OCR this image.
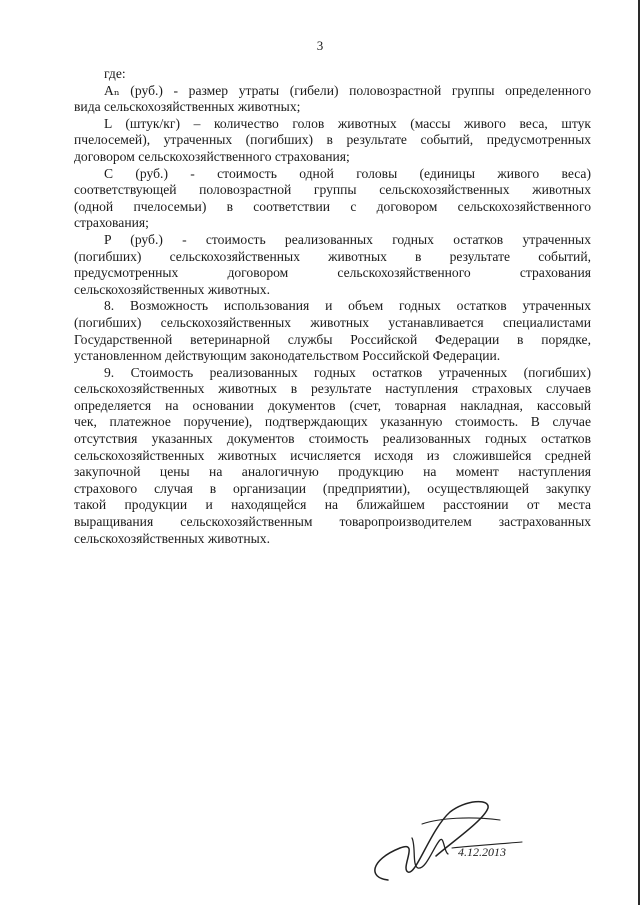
3
где:
Aₙ (руб.) - размер утраты (гибели) половозрастной группы определенного
вида сельскохозяйственных животных;
L (штук/кг) – количество голов животных (массы живого веса, штук
пчелосемей), утраченных (погибших) в результате событий, предусмотренных
договором сельскохозяйственного страхования;
C (руб.) - стоимость одной головы (единицы живого веса)
соответствующей половозрастной группы сельскохозяйственных животных
(одной пчелосемьи) в соответствии с договором сельскохозяйственного
страхования;
P (руб.) - стоимость реализованных годных остатков утраченных
(погибших) сельскохозяйственных животных в результате событий,
предусмотренных договором сельскохозяйственного страхования
сельскохозяйственных животных.
8. Возможность использования и объем годных остатков утраченных
(погибших) сельскохозяйственных животных устанавливается специалистами
Государственной ветеринарной службы Российской Федерации в порядке,
установленном действующим законодательством Российской Федерации.
9. Стоимость реализованных годных остатков утраченных (погибших)
сельскохозяйственных животных в результате наступления страховых случаев
определяется на основании документов (счет, товарная накладная, кассовый
чек, платежное поручение), подтверждающих указанную стоимость. В случае
отсутствия указанных документов стоимость реализованных годных остатков
сельскохозяйственных животных исчисляется исходя из сложившейся средней
закупочной цены на аналогичную продукцию на момент наступления
страхового случая в организации (предприятии), осуществляющей закупку
такой продукции и находящейся на ближайшем расстоянии от места
выращивания сельскохозяйственным товаропроизводителем застрахованных
сельскохозяйственных животных.
4.12.2013
